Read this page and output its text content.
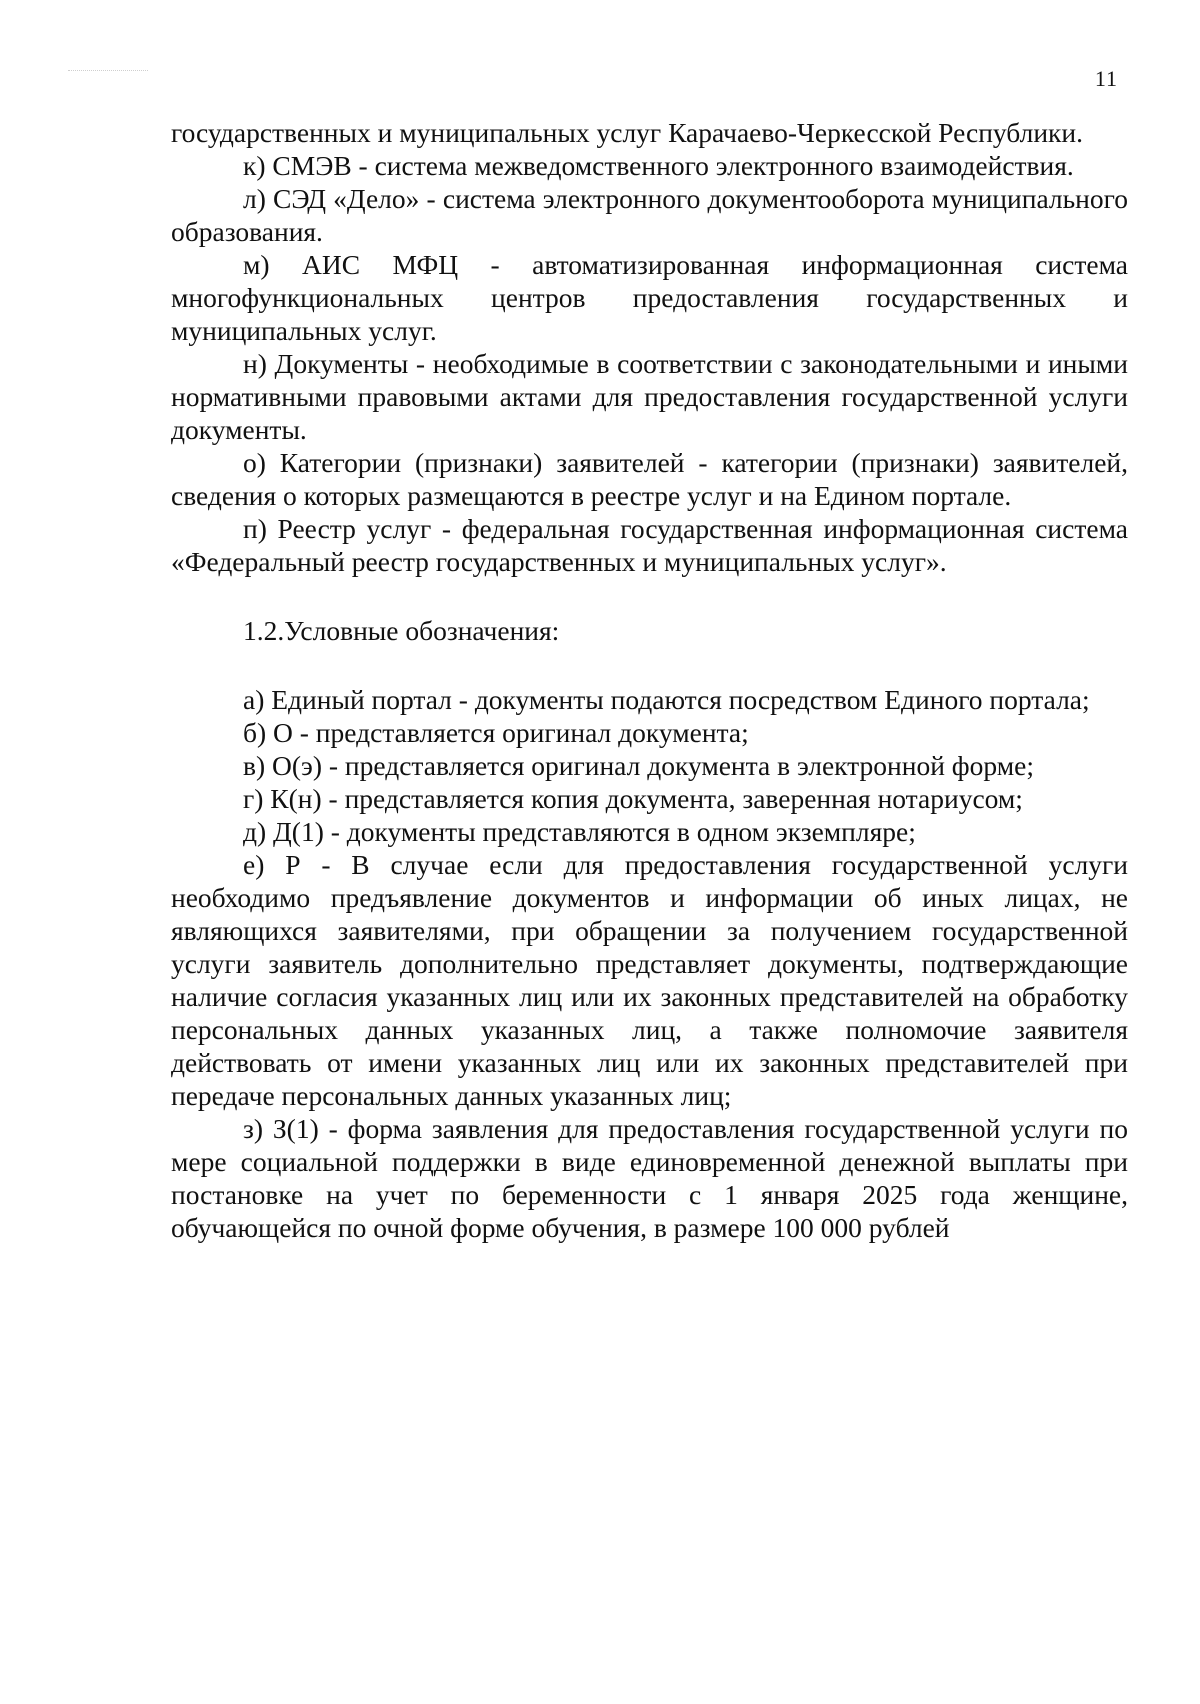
11

государственных и муниципальных услуг Карачаево-Черкесской Республики.

к) СМЭВ - система межведомственного электронного взаимодействия.

л) СЭД «Дело» - система электронного документооборота муниципального образования.

м) АИС МФЦ - автоматизированная информационная система многофункциональных центров предоставления государственных и муниципальных услуг.

н) Документы - необходимые в соответствии с законодательными и иными нормативными правовыми актами для предоставления государственной услуги документы.

о) Категории (признаки) заявителей - категории (признаки) заявителей, сведения о которых размещаются в реестре услуг и на Едином портале.

п) Реестр услуг - федеральная государственная информационная система «Федеральный реестр государственных и муниципальных услуг».

1.2.Условные обозначения:

а) Единый портал - документы подаются посредством Единого портала;

б) О - представляется оригинал документа;

в) О(э) - представляется оригинал документа в электронной форме;

г) К(н) - представляется копия документа, заверенная нотариусом;

д) Д(1) - документы представляются в одном экземпляре;

е) Р - В случае если для предоставления государственной услуги необходимо предъявление документов и информации об иных лицах, не являющихся заявителями, при обращении за получением государственной услуги заявитель дополнительно представляет документы, подтверждающие наличие согласия указанных лиц или их законных представителей на обработку персональных данных указанных лиц, а также полномочие заявителя действовать от имени указанных лиц или их законных представителей при передаче персональных данных указанных лиц;

з) З(1) - форма заявления для предоставления государственной услуги по мере социальной поддержки в виде единовременной денежной выплаты при постановке на учет по беременности с 1 января 2025 года женщине, обучающейся по очной форме обучения, в размере 100 000 рублей
